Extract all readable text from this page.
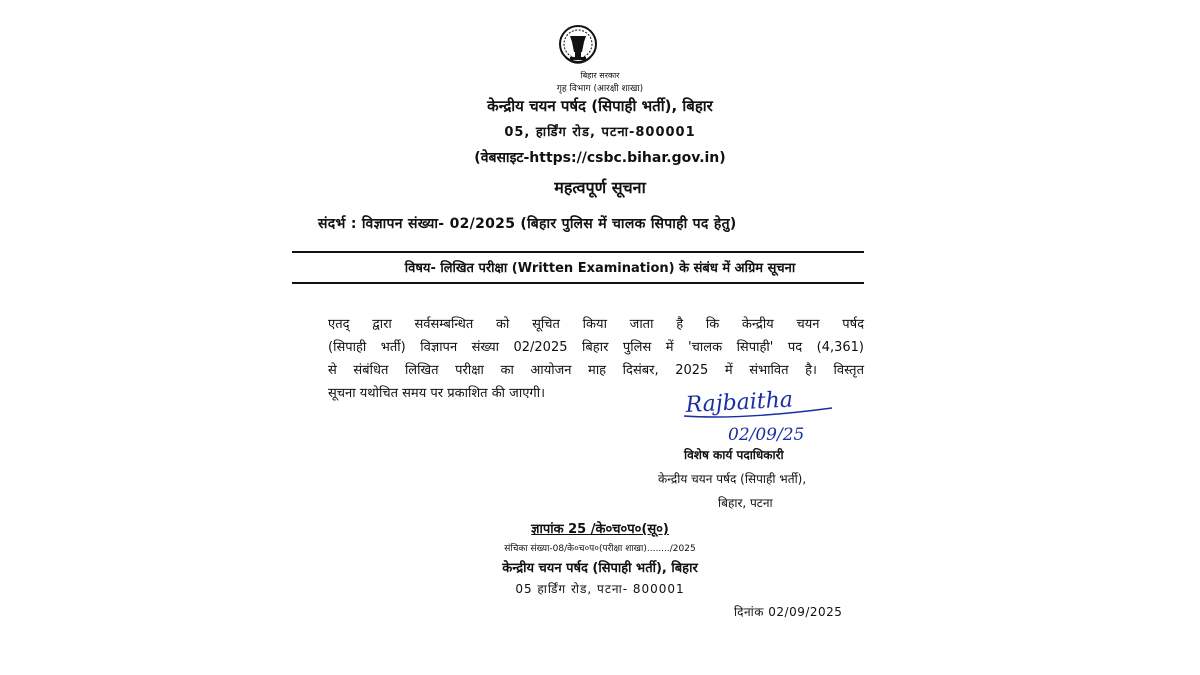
बिहार सरकार
गृह विभाग (आरक्षी शाखा)
केन्द्रीय चयन पर्षद (सिपाही भर्ती), बिहार
05, हार्डिंग रोड, पटना-800001
(वेबसाइट-https://csbc.bihar.gov.in)
महत्वपूर्ण सूचना
संदर्भ : विज्ञापन संख्या- 02/2025 (बिहार पुलिस में चालक सिपाही पद हेतु)
विषय- लिखित परीक्षा (Written Examination) के संबंध में अग्रिम सूचना
एतद् द्वारा सर्वसम्बन्धित को सूचित किया जाता है कि केन्द्रीय चयन पर्षद
(सिपाही भर्ती) विज्ञापन संख्या 02/2025 बिहार पुलिस में 'चालक सिपाही' पद (4,361)
से संबंधित लिखित परीक्षा का आयोजन माह दिसंबर, 2025 में संभावित है। विस्तृत
सूचना यथोचित समय पर प्रकाशित की जाएगी।	Rajbaitha
02/09/25
विशेष कार्य पदाधिकारी
केन्द्रीय चयन पर्षद (सिपाही भर्ती),
बिहार, पटना
ज्ञापांक 25 /के०च०प०(सू०)
संचिका संख्या-08/के०च०प०(परीक्षा शाखा)......../2025
केन्द्रीय चयन पर्षद (सिपाही भर्ती), बिहार
05 हार्डिंग रोड, पटना- 800001
दिनांक 02/09/2025
